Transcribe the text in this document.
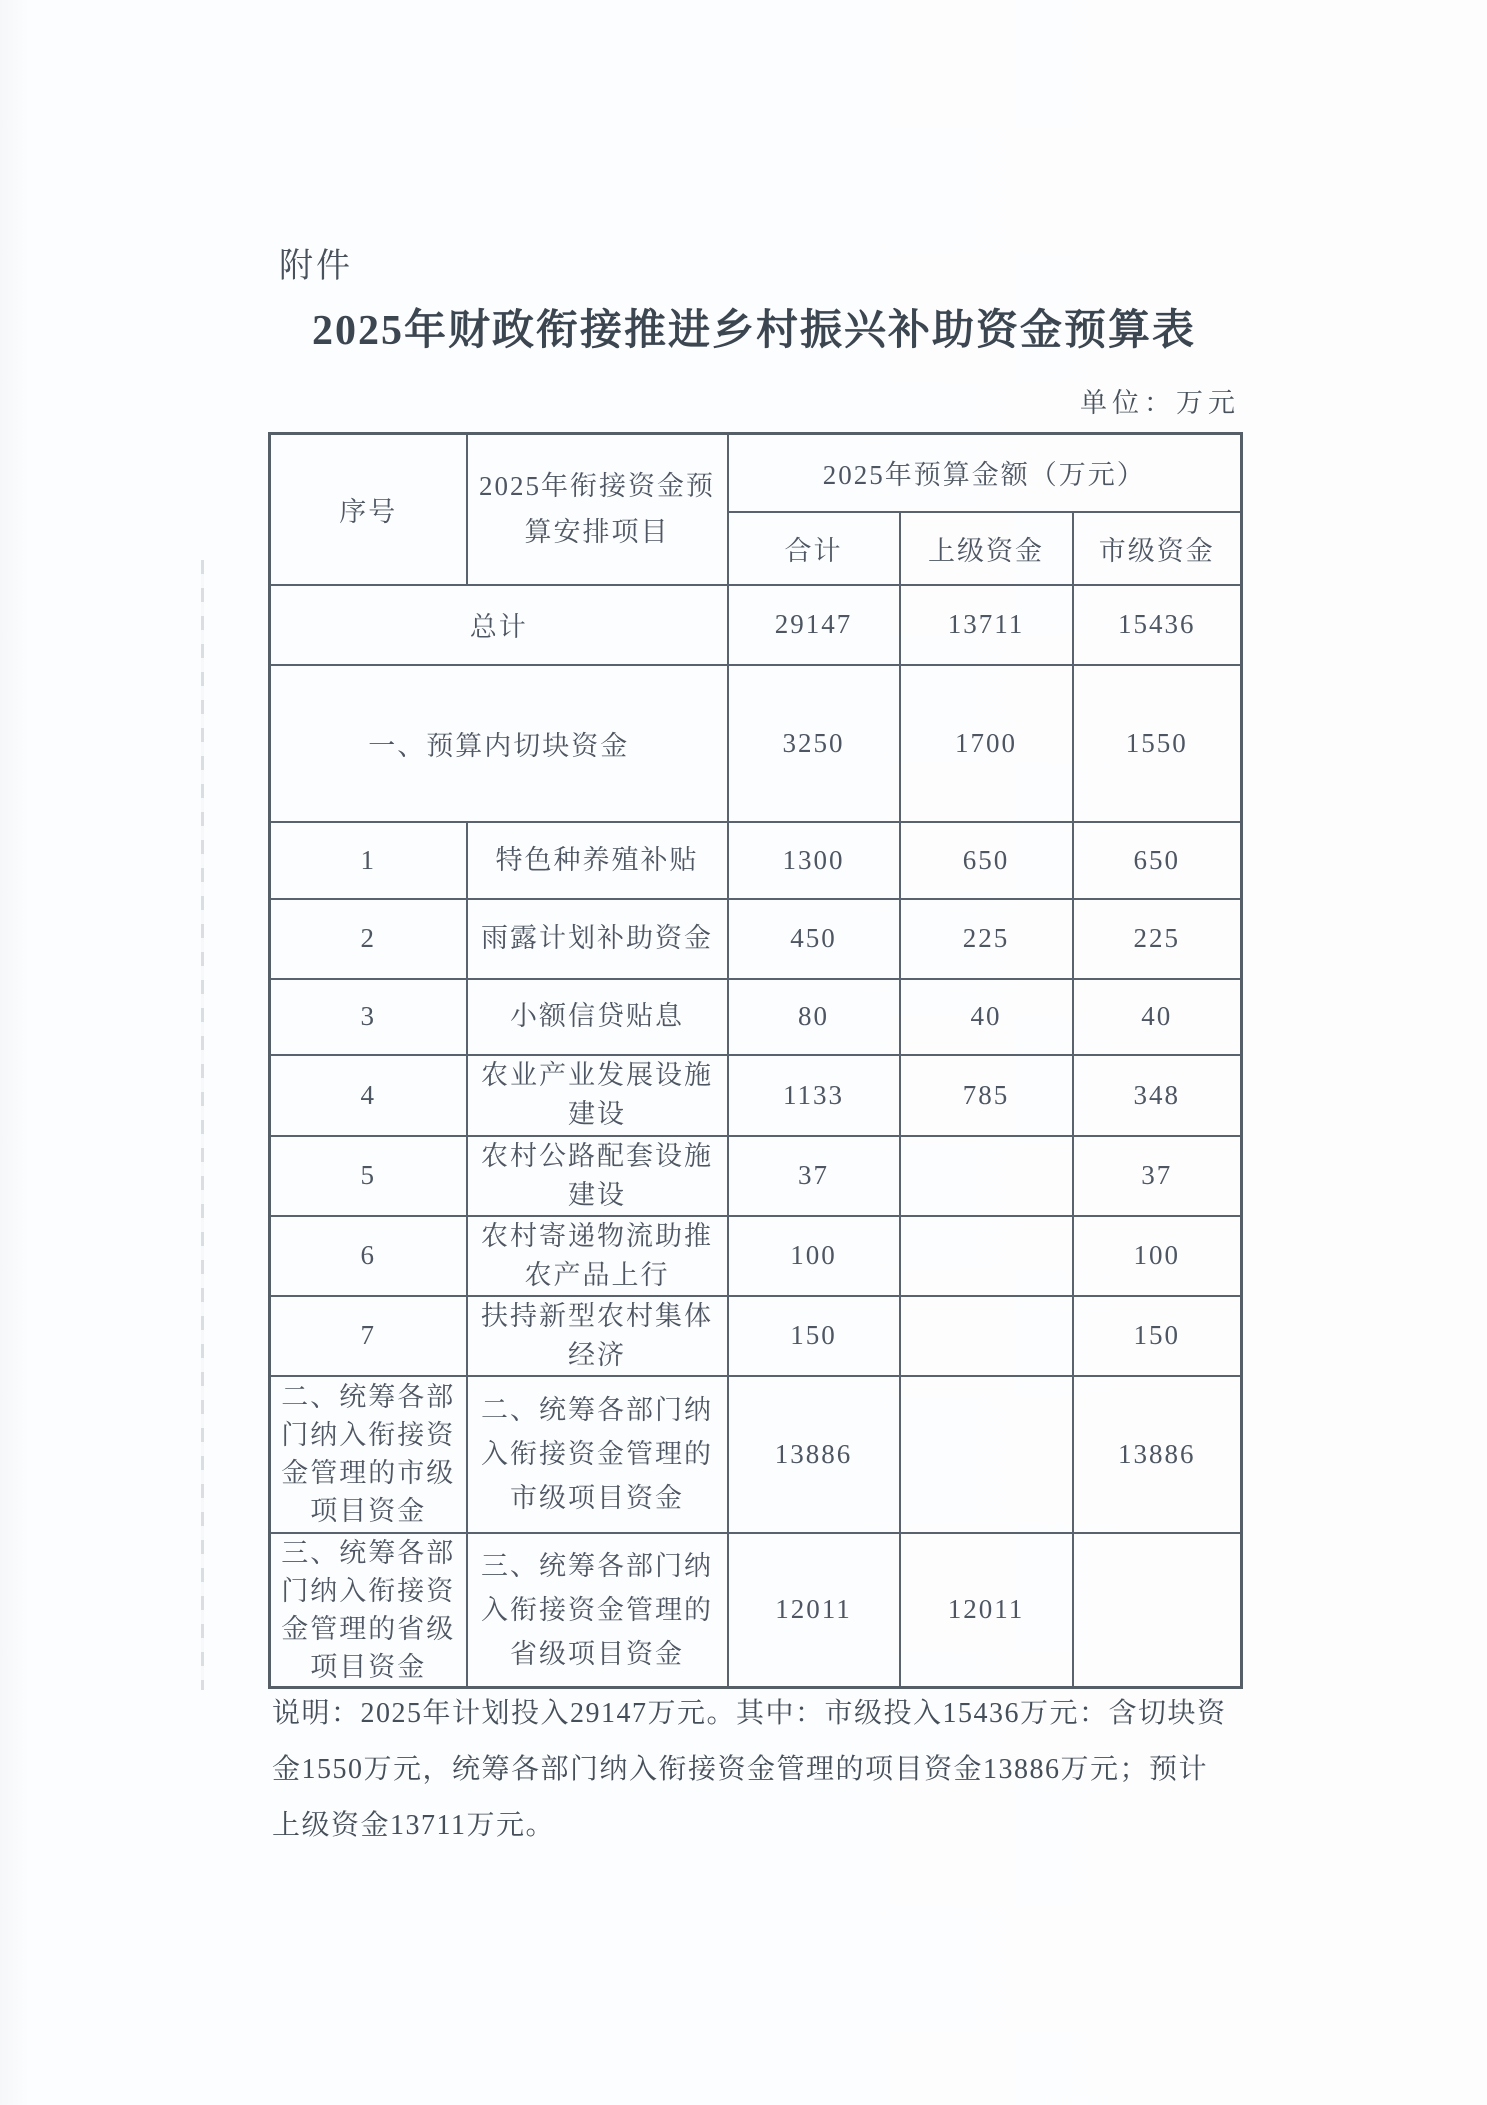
附件
2025年财政衔接推进乡村振兴补助资金预算表
单位：万元
序号	2025年衔接资金预算安排项目	2025年预算金额（万元）		
		合计	上级资金	市级资金
总计		29147	13711	15436
一、预算内切块资金		3250	1700	1550
1	特色种养殖补贴	1300	650	650
2	雨露计划补助资金	450	225	225
3	小额信贷贴息	80	40	40
4	农业产业发展设施建设	1133	785	348
5	农村公路配套设施建设	37		37
6	农村寄递物流助推农产品上行	100		100
7	扶持新型农村集体经济	150		150
二、统筹各部门纳入衔接资金管理的市级项目资金	二、统筹各部门纳入衔接资金管理的市级项目资金	13886		13886
三、统筹各部门纳入衔接资金管理的省级项目资金	三、统筹各部门纳入衔接资金管理的省级项目资金	12011	12011	
说明：2025年计划投入29147万元。其中：市级投入15436万元：含切块资
金1550万元，统筹各部门纳入衔接资金管理的项目资金13886万元；预计
上级资金13711万元。
